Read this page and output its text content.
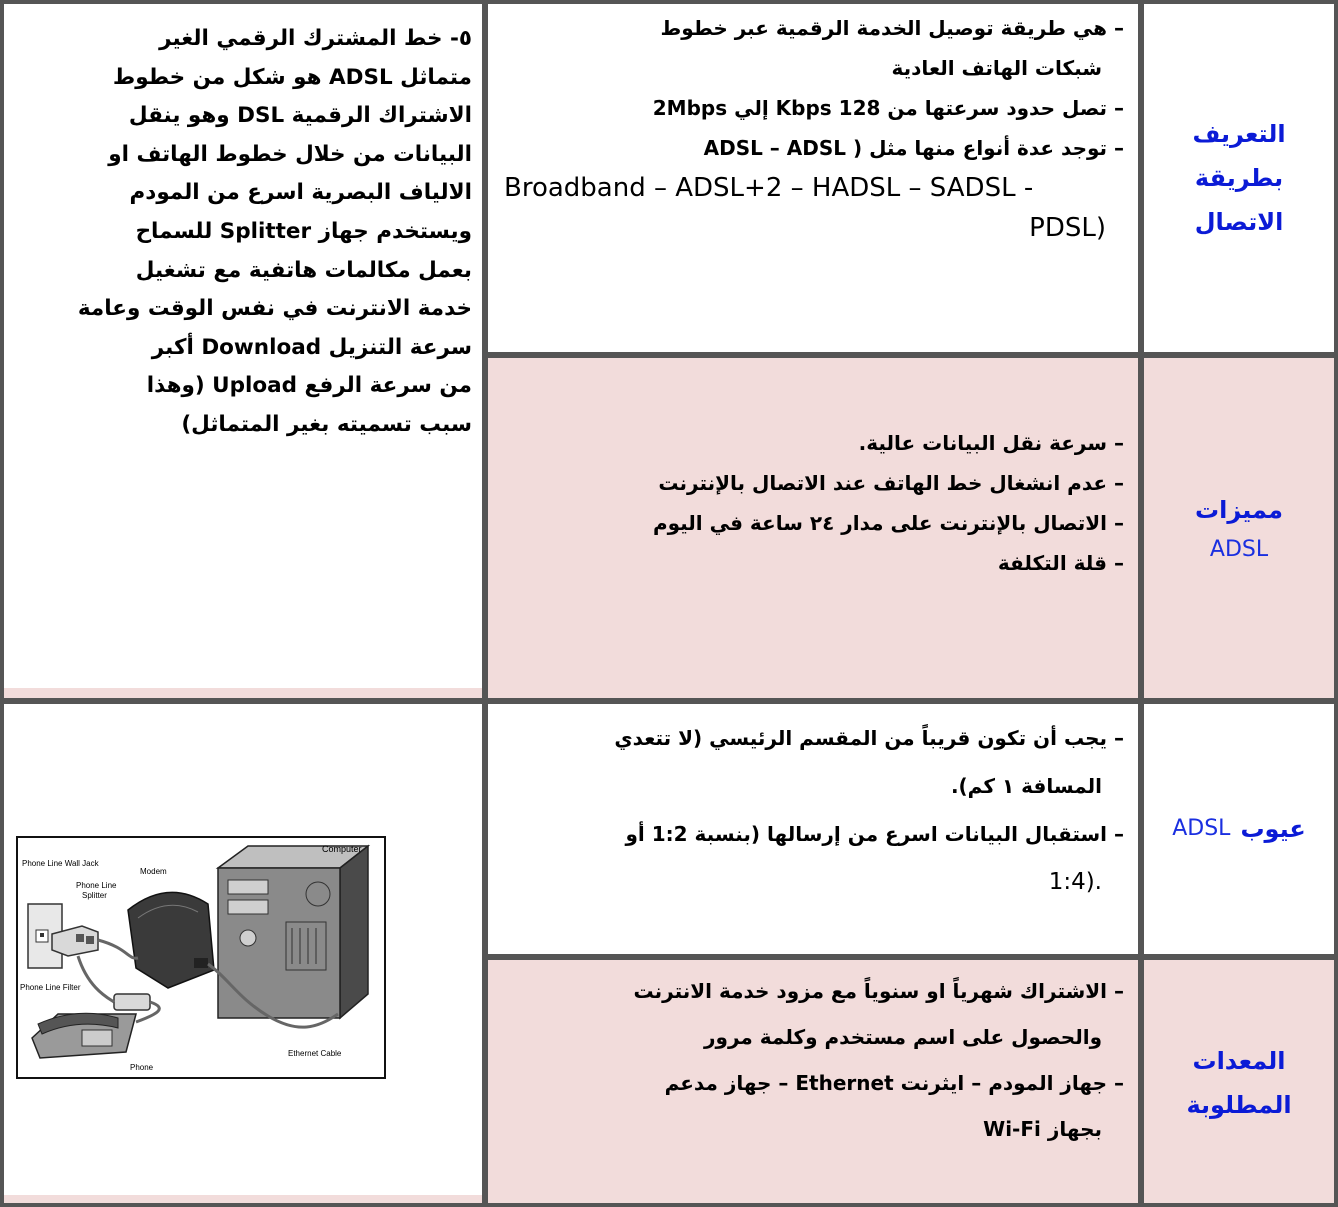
التعريف
بطريقة
الاتصال

– هي طريقة توصيل الخدمة الرقمية عبر خطوط

شبكات الهاتف العادية

– تصل حدود سرعتها من 128 Kbps إلي 2Mbps

– توجد عدة أنواع منها مثل ( ADSL – ADSL

Broadband – ADSL+2 – HADSL – SADSL -

PDSL)

مميزات
ADSL

– سرعة نقل البيانات عالية.

– عدم انشغال خط الهاتف عند الاتصال بالإنترنت

– الاتصال بالإنترنت على مدار ٢٤ ساعة في اليوم

– قلة التكلفة

عيوب
ADSL

– يجب أن تكون قريباً من المقسم الرئيسي (لا تتعدي

المسافة ١ كم).

– استقبال البيانات اسرع من إرسالها (بنسبة 1:2 أو

1:4).

المعدات
المطلوبة

– الاشتراك شهرياً او سنوياً مع مزود خدمة الانترنت

والحصول على اسم مستخدم وكلمة مرور

– جهاز المودم – ايثرنت Ethernet – جهاز مدعم

بجهاز Wi-Fi

٥- خط المشترك الرقمي الغير
متماثل ADSL هو شكل من خطوط
الاشتراك الرقمية DSL وهو ينقل
البيانات من خلال خطوط الهاتف او
الالياف البصرية اسرع من المودم
ويستخدم جهاز Splitter للسماح
بعمل مكالمات هاتفية مع تشغيل
خدمة الانترنت في نفس الوقت وعامة
سرعة التنزيل Download أكبر
من سرعة الرفع Upload (وهذا
سبب تسميته بغير المتماثل)
Computer
Phone Line Wall Jack
Modem
Phone Line
Splitter
Phone Line Filter
Ethernet Cable
Phone
